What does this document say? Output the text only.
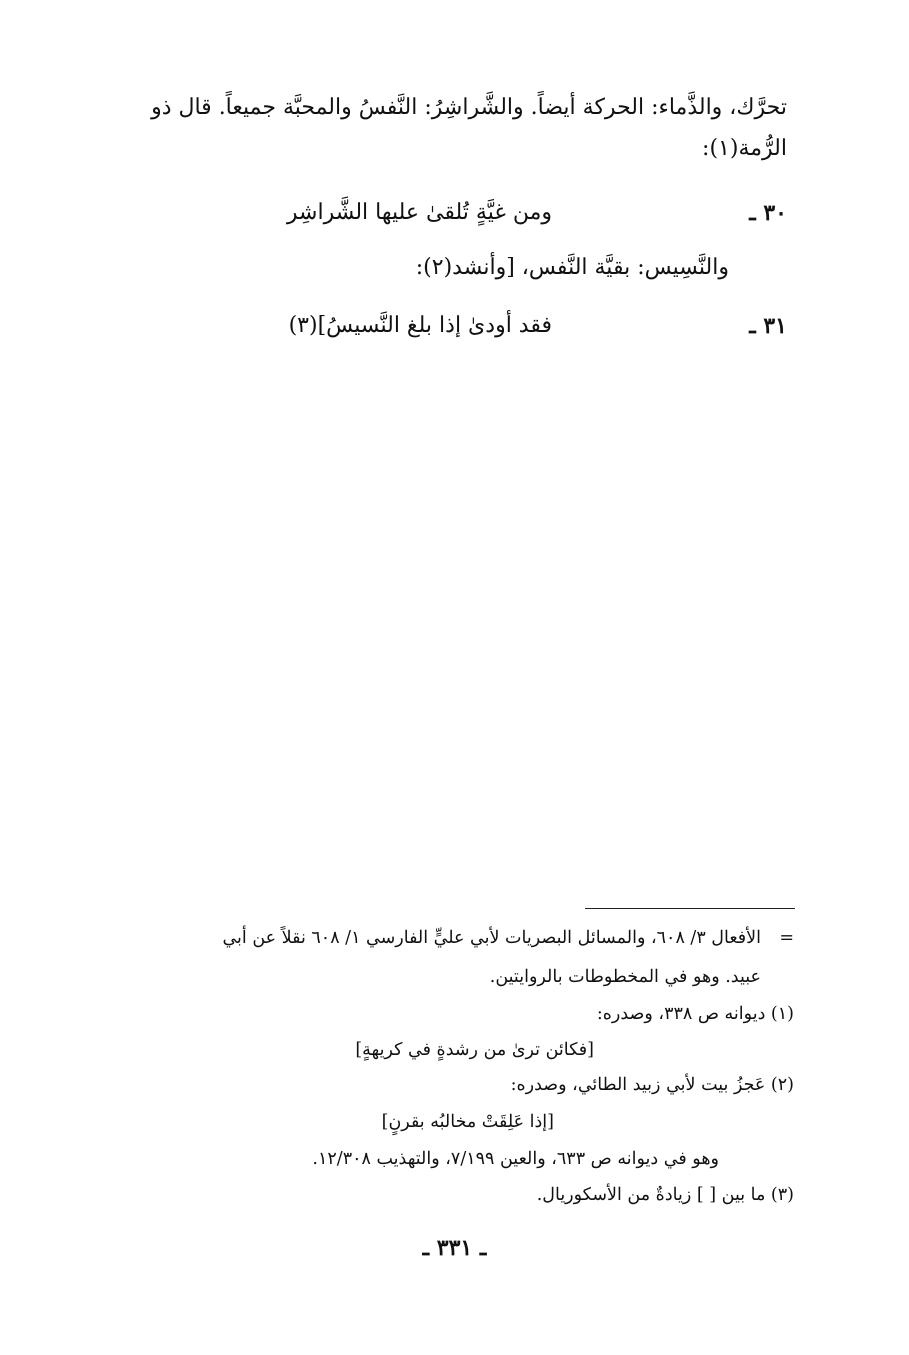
تحرَّك، والذَّماء: الحركة أيضاً. والشَّراشِرُ: النَّفسُ والمحبَّة جميعاً. قال ذو
الرُّمة(١):
٣٠ ـ
ومن غيَّةٍ تُلقىٰ عليها الشَّراشِر
والنَّسِيس: بقيَّة النَّفس، [وأنشد(٢):
٣١ ـ
فقد أودىٰ إذا بلغ النَّسيسُ](٣)
=
الأفعال ٣/ ٦٠٨، والمسائل البصريات لأبي عليٍّ الفارسي ١/ ٦٠٨ نقلاً عن أبي
عبيد. وهو في المخطوطات بالروايتين.
(١) ديوانه ص ٣٣٨، وصدره:
[فكائن ترىٰ من رشدةٍ في كريهةٍ]
(٢) عَجزُ بيت لأبي زبيد الطائي، وصدره:
[إذا عَلِقَتْ مخالبُه بقرنٍ]
وهو في ديوانه ص ٦٣٣، والعين ٧/١٩٩، والتهذيب ١٢/٣٠٨.
(٣) ما بين [ ] زيادةٌ من الأسكوريال.
ـ ٣٣١ ـ
